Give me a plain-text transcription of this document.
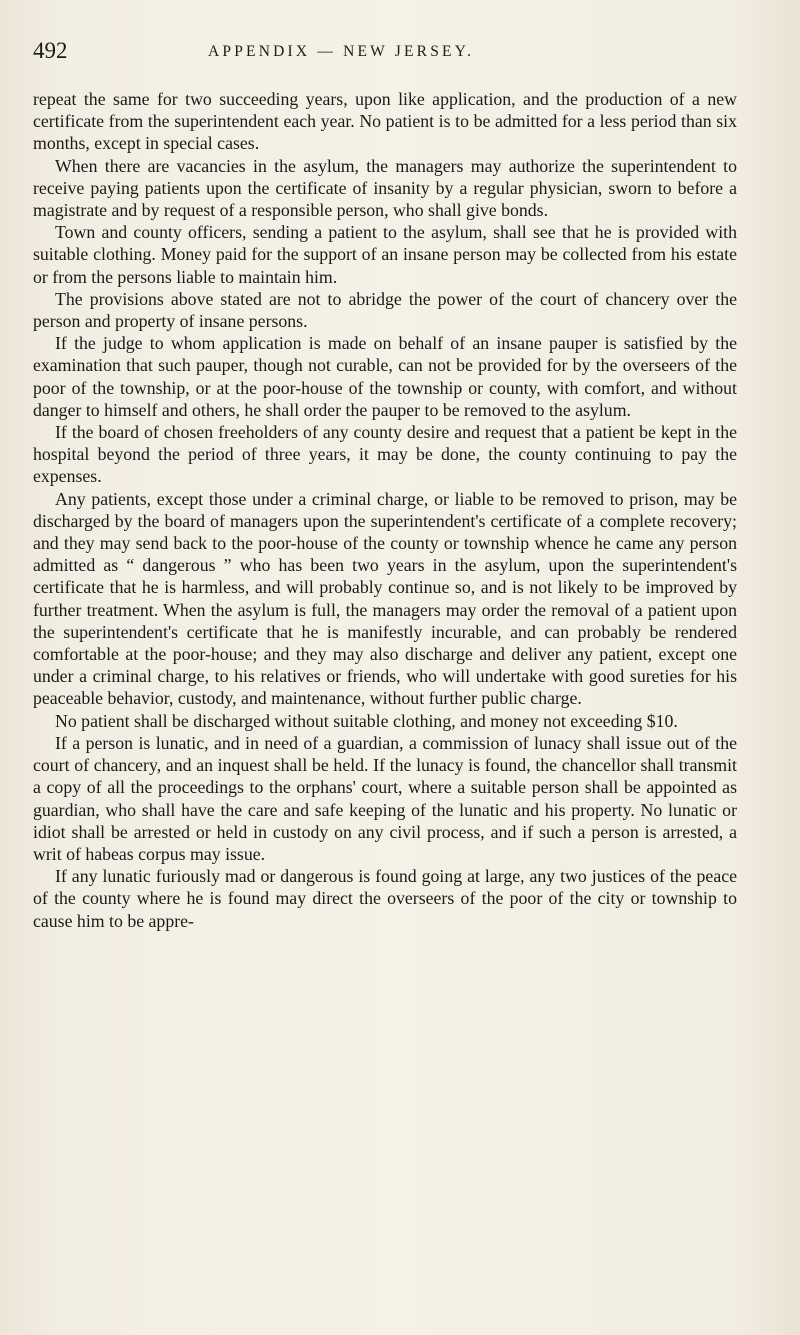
492	APPENDIX — NEW JERSEY.

repeat the same for two succeeding years, upon like application, and the production of a new certificate from the superintendent each year. No patient is to be admitted for a less period than six months, except in special cases.

When there are vacancies in the asylum, the managers may authorize the superintendent to receive paying patients upon the certificate of insanity by a regular physician, sworn to before a magistrate and by request of a responsible person, who shall give bonds.

Town and county officers, sending a patient to the asylum, shall see that he is provided with suitable clothing. Money paid for the support of an insane person may be collected from his estate or from the persons liable to maintain him.

The provisions above stated are not to abridge the power of the court of chancery over the person and property of insane persons.

If the judge to whom application is made on behalf of an insane pauper is satisfied by the examination that such pauper, though not curable, can not be provided for by the overseers of the poor of the township, or at the poor-house of the township or county, with comfort, and without danger to himself and others, he shall order the pauper to be removed to the asylum.

If the board of chosen freeholders of any county desire and request that a patient be kept in the hospital beyond the period of three years, it may be done, the county continuing to pay the expenses.

Any patients, except those under a criminal charge, or liable to be removed to prison, may be discharged by the board of managers upon the superintendent's certificate of a complete recovery; and they may send back to the poor-house of the county or township whence he came any person admitted as “ dangerous ” who has been two years in the asylum, upon the superintendent's certificate that he is harmless, and will probably continue so, and is not likely to be improved by further treatment. When the asylum is full, the managers may order the removal of a patient upon the superintendent's certificate that he is manifestly incurable, and can probably be rendered comfortable at the poor-house; and they may also discharge and deliver any patient, except one under a criminal charge, to his relatives or friends, who will undertake with good sureties for his peaceable behavior, custody, and maintenance, without further public charge.

No patient shall be discharged without suitable clothing, and money not exceeding $10.

If a person is lunatic, and in need of a guardian, a commission of lunacy shall issue out of the court of chancery, and an inquest shall be held. If the lunacy is found, the chancellor shall transmit a copy of all the proceedings to the orphans' court, where a suitable person shall be appointed as guardian, who shall have the care and safe keeping of the lunatic and his property. No lunatic or idiot shall be arrested or held in custody on any civil process, and if such a person is arrested, a writ of habeas corpus may issue.

If any lunatic furiously mad or dangerous is found going at large, any two justices of the peace of the county where he is found may direct the overseers of the poor of the city or township to cause him to be appre-
